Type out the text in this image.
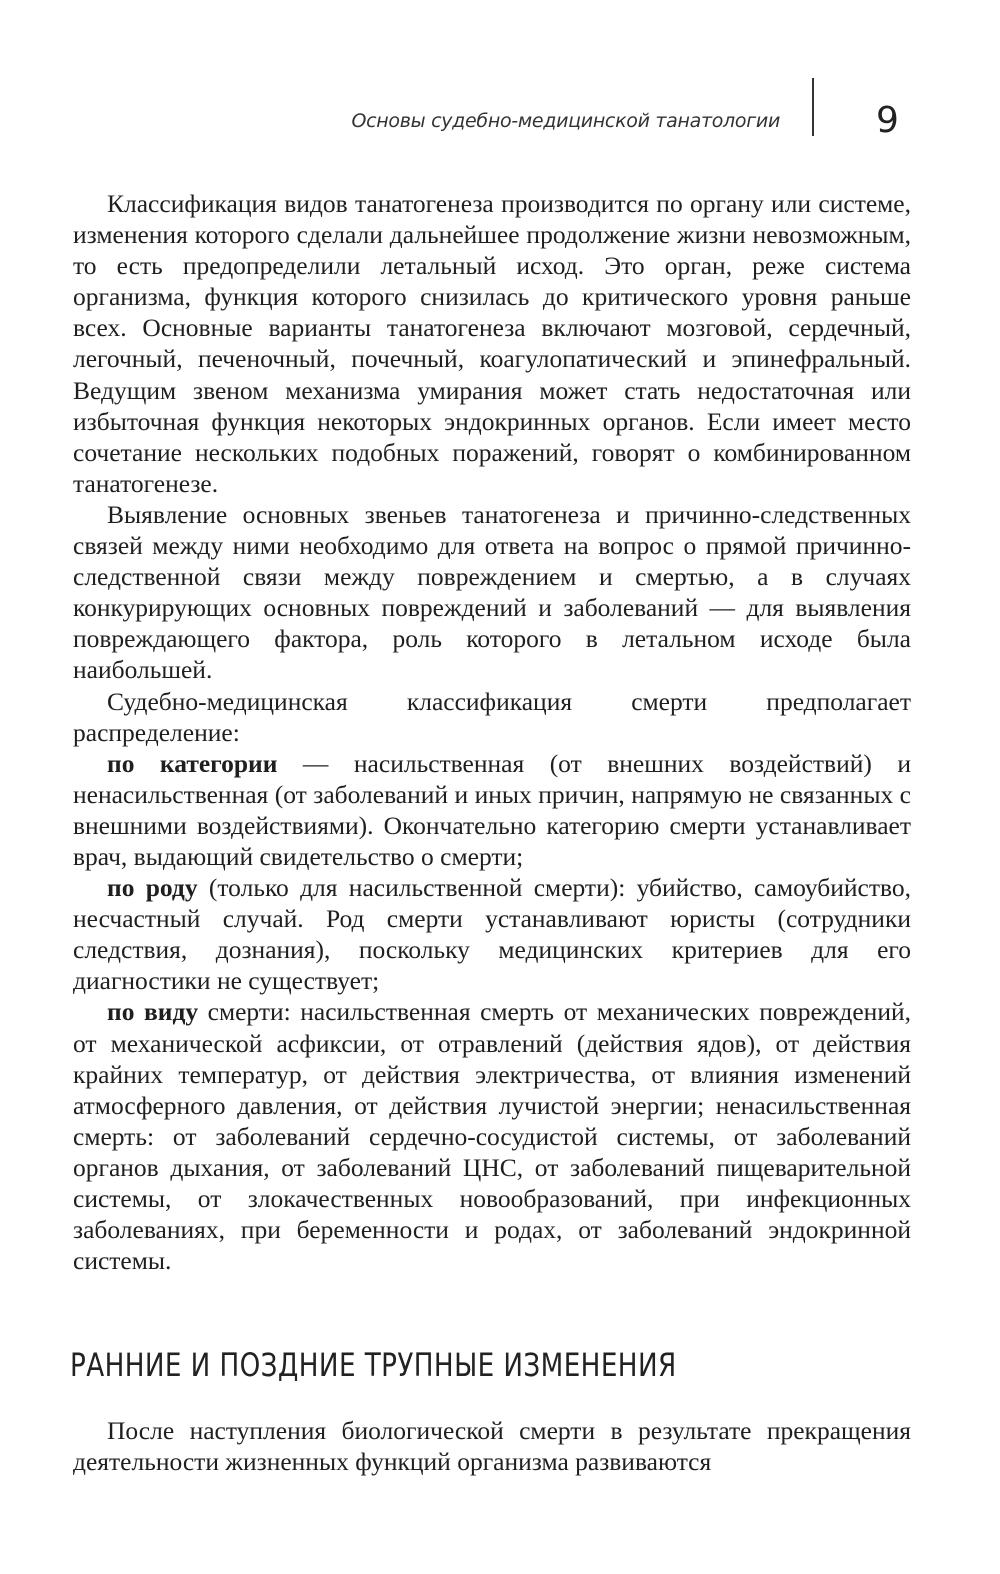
Основы судебно-медицинской танатологии	9

Классификация видов танатогенеза производится по органу или системе, изменения которого сделали дальнейшее продолжение жизни невозможным, то есть предопределили летальный исход. Это орган, реже система организма, функция которого снизилась до критического уровня раньше всех. Основные варианты танатогенеза включают мозговой, сердечный, легочный, печеночный, почечный, коагулопатический и эпинефральный. Ведущим звеном механизма умирания может стать недостаточная или избыточная функция некоторых эндокринных органов. Если имеет место сочетание нескольких подобных поражений, говорят о комбинированном танатогенезе.

Выявление основных звеньев танатогенеза и причинно-следственных связей между ними необходимо для ответа на вопрос о прямой причинно-следственной связи между повреждением и смертью, а в случаях конкурирующих основных повреждений и заболеваний — для выявления повреждающего фактора, роль которого в летальном исходе была наибольшей.

Судебно-медицинская классификация смерти предполагает распределение:

по категории — насильственная (от внешних воздействий) и ненасильственная (от заболеваний и иных причин, напрямую не связанных с внешними воздействиями). Окончательно категорию смерти устанавливает врач, выдающий свидетельство о смерти;

по роду (только для насильственной смерти): убийство, самоубийство, несчастный случай. Род смерти устанавливают юристы (сотрудники следствия, дознания), поскольку медицинских критериев для его диагностики не существует;

по виду смерти: насильственная смерть от механических повреждений, от механической асфиксии, от отравлений (действия ядов), от действия крайних температур, от действия электричества, от влияния изменений атмосферного давления, от действия лучистой энергии; ненасильственная смерть: от заболеваний сердечно-сосудистой системы, от заболеваний органов дыхания, от заболеваний ЦНС, от заболеваний пищеварительной системы, от злокачественных новообразований, при инфекционных заболеваниях, при беременности и родах, от заболеваний эндокринной системы.

РАННИЕ И ПОЗДНИЕ ТРУПНЫЕ ИЗМЕНЕНИЯ

После наступления биологической смерти в результате прекращения деятельности жизненных функций организма развиваются
